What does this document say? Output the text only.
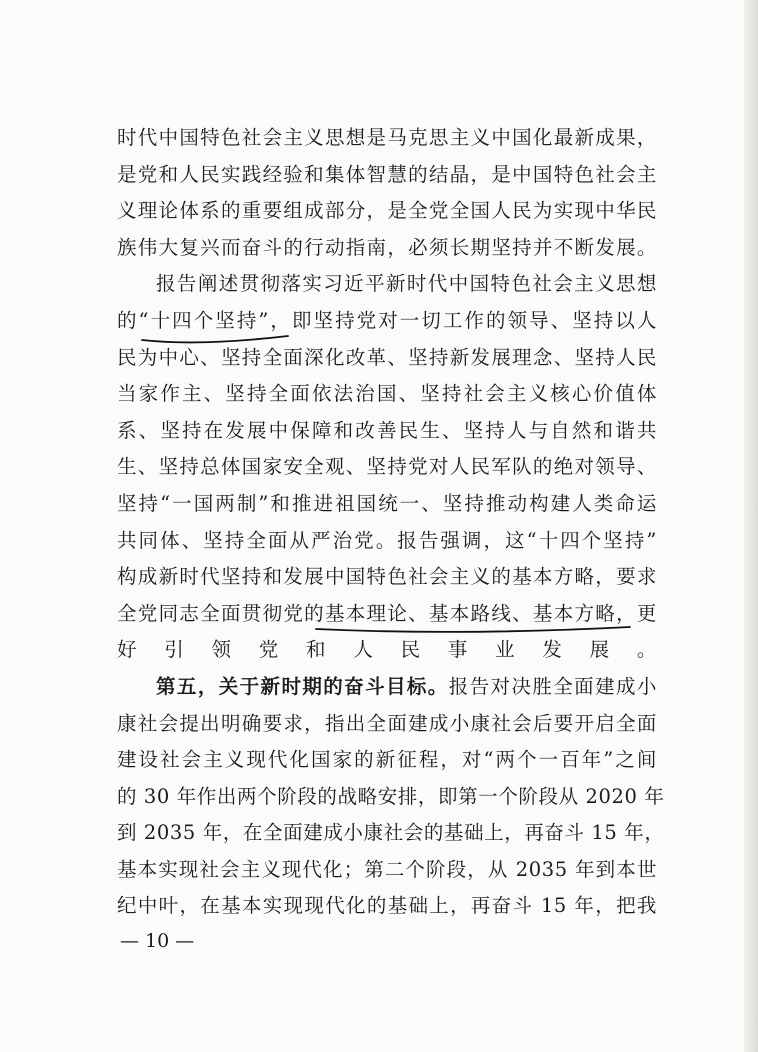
时代中国特色社会主义思想是马克思主义中国化最新成果，
是党和人民实践经验和集体智慧的结晶，是中国特色社会主
义理论体系的重要组成部分，是全党全国人民为实现中华民
族伟大复兴而奋斗的行动指南，必须长期坚持并不断发展。

报告阐述贯彻落实习近平新时代中国特色社会主义思想
的“十四个坚持”，即坚持党对一切工作的领导、坚持以人
民为中心、坚持全面深化改革、坚持新发展理念、坚持人民
当家作主、坚持全面依法治国、坚持社会主义核心价值体
系、坚持在发展中保障和改善民生、坚持人与自然和谐共
生、坚持总体国家安全观、坚持党对人民军队的绝对领导、
坚持“一国两制”和推进祖国统一、坚持推动构建人类命运
共同体、坚持全面从严治党。报告强调，这“十四个坚持”
构成新时代坚持和发展中国特色社会主义的基本方略，要求
全党同志全面贯彻党的基本理论、基本路线、基本方略，更
好引领党和人民事业发展。

第五，关于新时期的奋斗目标。报告对决胜全面建成小
康社会提出明确要求，指出全面建成小康社会后要开启全面
建设社会主义现代化国家的新征程，对“两个一百年”之间
的 30 年作出两个阶段的战略安排，即第一个阶段从 2020 年
到 2035 年，在全面建成小康社会的基础上，再奋斗 15 年，
基本实现社会主义现代化；第二个阶段，从 2035 年到本世
纪中叶，在基本实现现代化的基础上，再奋斗 15 年，把我

— 10 —
